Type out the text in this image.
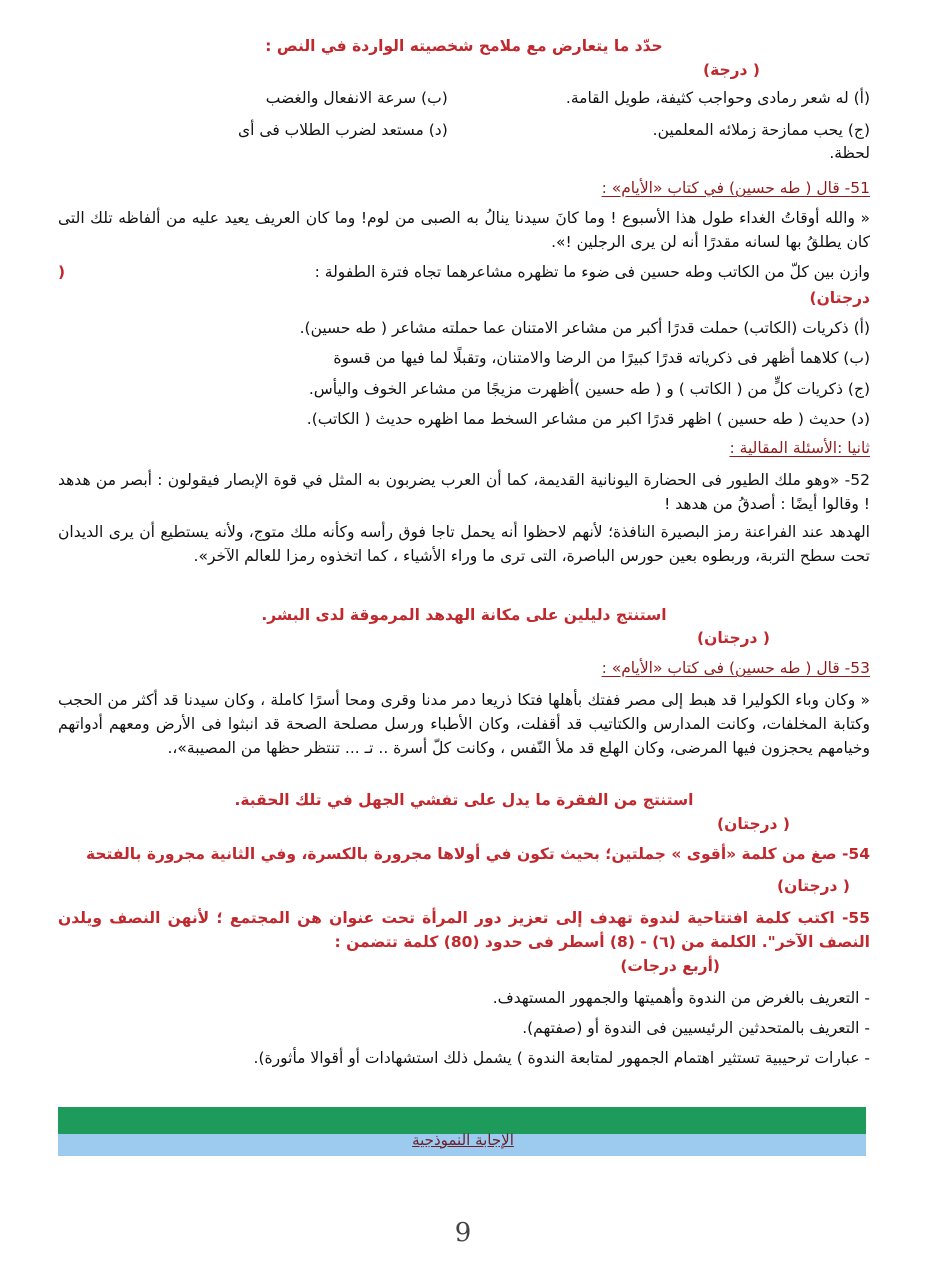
حدّد ما يتعارض مع ملامح شخصيته الواردة في النص :
( درجة)
(أ) له شعر رمادى وحواجب كثيفة، طويل القامة.
(ب) سرعة الانفعال والغضب
(ج) يحب ممازحة زملائه المعلمين.
(د) مستعد لضرب الطلاب فى أى
لحظة.
51- قال ( طه حسين) في كتاب «الأيام» :
« والله أوقاتُ الغداء طول هذا الأسبوع ! وما كانَ سيدنا ينالُ به الصبى من لوم! وما كان العريف يعيد عليه من ألفاظه تلك التى كان يطلقُ بها لسانه مقدرًا أنه لن يرى الرجلين !».
وازن بين كلّ من الكاتب وطه حسين فى ضوء ما تظهره مشاعرهما تجاه فترة الطفولة :
(
درجتان)
(أ) ذكريات (الكاتب) حملت قدرًا أكبر من مشاعر الامتنان عما حملته مشاعر ( طه حسين).
(ب) كلاهما أظهر فى ذكرياته قدرًا كبيرًا من الرضا والامتنان، وتقبلًا لما فيها من قسوة
(ج) ذكريات كلٍّ من ( الكاتب ) و ( طه حسين )أظهرت مزيجًا من مشاعر الخوف واليأس.
(د) حديث ( طه حسين ) اظهر قدرًا اكبر من مشاعر السخط مما اظهره حديث ( الكاتب).
ثانيا :الأسئلة المقالية :
52- «وهو ملك الطيور فى الحضارة اليونانية القديمة، كما أن العرب يضربون به المثل في قوة الإبصار فيقولون : أبصر من هدهد ! وقالوا أيضًا : أصدقُ من هدهد !
الهدهد عند الفراعنة رمز البصيرة النافذة؛ لأنهم لاحظوا أنه يحمل تاجا فوق رأسه وكأنه ملك متوج، ولأنه يستطيع أن يرى الديدان تحت سطح التربة، وربطوه بعين حورس الباصرة، التى ترى ما وراء الأشياء ، كما اتخذوه رمزا للعالم الآخر».
استنتج دليلين على مكانة الهدهد المرموقة لدى البشر.
( درجتان)
53- قال ( طه حسين) فى كتاب «الأيام» :
« وكان وباء الكوليرا قد هبط إلى مصر ففتك بأهلها فتكا ذريعا دمر مدنا وقرى ومحا أسرًا كاملة ، وكان سيدنا قد أكثر من الحجب وكتابة المخلفات، وكانت المدارس والكتاتيب قد أقفلت، وكان الأطباء ورسل مصلحة الصحة قد انبثوا فى الأرض ومعهم أدواتهم وخيامهم يحجزون فيها المرضى، وكان الهلع قد ملأ النّفس ، وكانت كلّ أسرة .. تـ ... تنتظر حظها من المصيبة»،.
استنتج من الفقرة ما يدل على تفشي الجهل في تلك الحقبة.
( درجتان)
54- صغ من كلمة «أقوى » جملتين؛ بحيث تكون في أولاها مجرورة بالكسرة، وفي الثانية مجرورة بالفتحة
( درجتان)
55- اكتب كلمة افتتاحية لندوة تهدف إلى تعزيز دور المرأة تحت عنوان هن المجتمع ؛ لأنهن النصف ويلدن النصف الآخر". الكلمة من (٦) - (8) أسطر فى حدود (80) كلمة تتضمن :
(أربع درجات)
- التعريف بالغرض من الندوة وأهميتها والجمهور المستهدف.
- التعريف بالمتحدثين الرئيسيين فى الندوة أو (صفتهم).
- عبارات ترحيبية تستثير اهتمام الجمهور لمتابعة الندوة ) يشمل ذلك استشهادات أو أقوالا مأثورة).
الإجابة النموذجية
9
